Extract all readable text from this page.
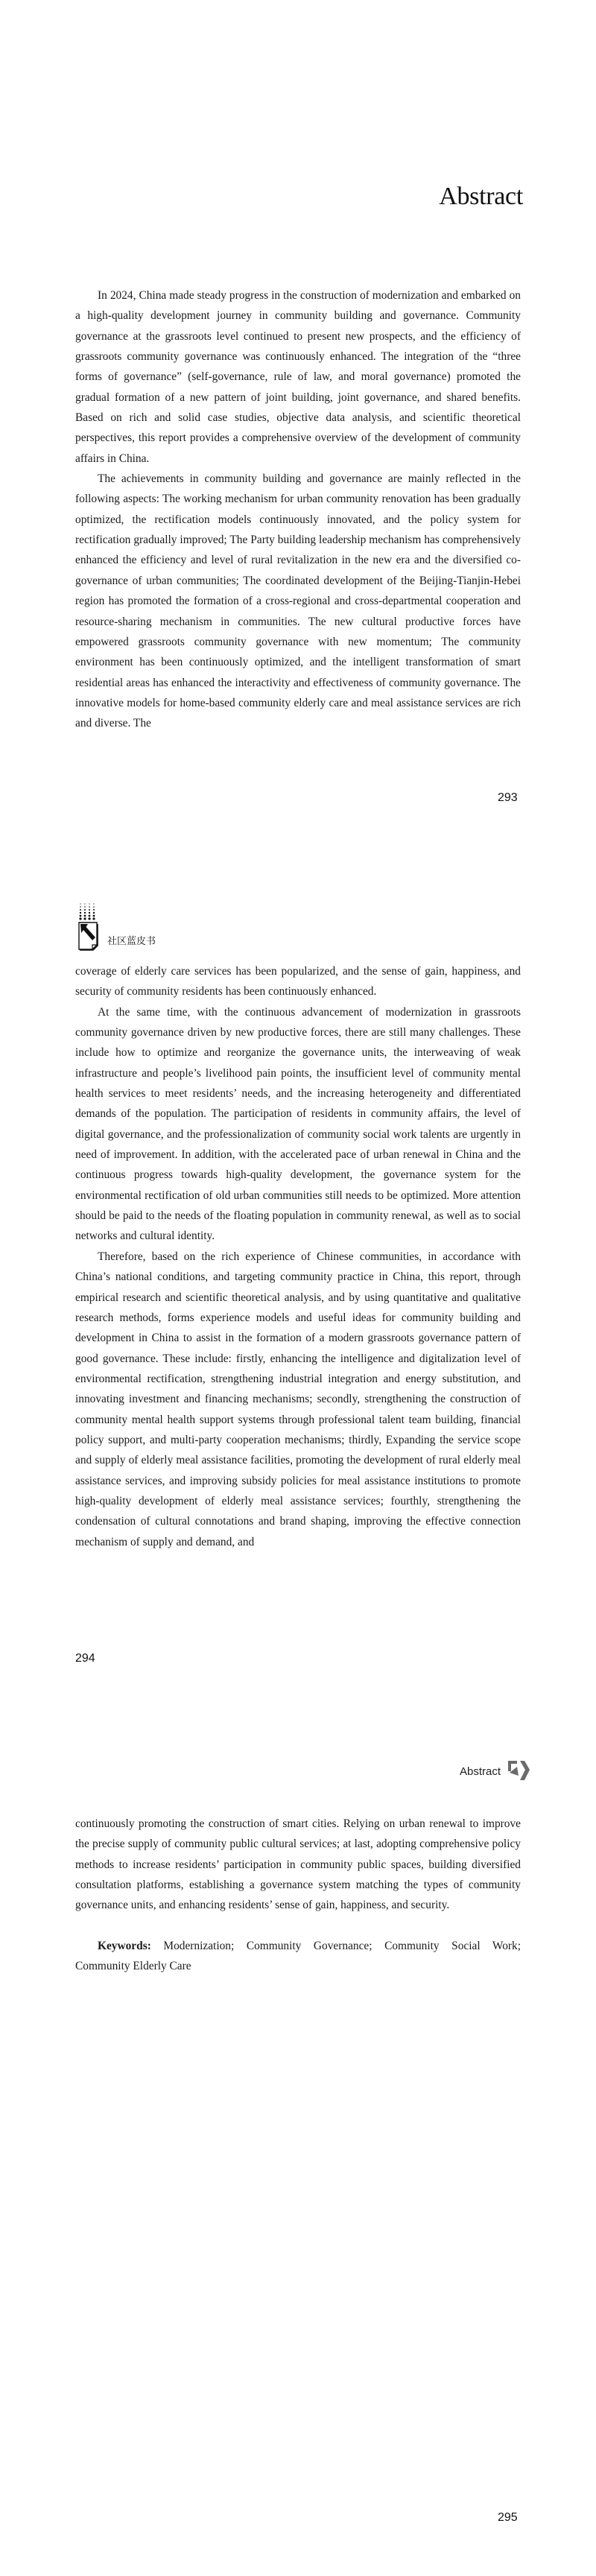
Abstract

In 2024, China made steady progress in the construction of modernization and embarked on a high-quality development journey in community building and governance. Community governance at the grassroots level continued to present new prospects, and the efficiency of grassroots community governance was continuously enhanced. The integration of the “three forms of governance” (self-governance, rule of law, and moral governance) promoted the gradual formation of a new pattern of joint building, joint governance, and shared benefits. Based on rich and solid case studies, objective data analysis, and scientific theoretical perspectives, this report provides a comprehensive overview of the development of community affairs in China.

The achievements in community building and governance are mainly reflected in the following aspects: The working mechanism for urban community renovation has been gradually optimized, the rectification models continuously innovated, and the policy system for rectification gradually improved; The Party building leadership mechanism has comprehensively enhanced the efficiency and level of rural revitalization in the new era and the diversified co-governance of urban communities; The coordinated development of the Beijing-Tianjin-Hebei region has promoted the formation of a cross-regional and cross-departmental cooperation and resource-sharing mechanism in communities. The new cultural productive forces have empowered grassroots community governance with new momentum; The community environment has been continuously optimized, and the intelligent transformation of smart residential areas has enhanced the interactivity and effectiveness of community governance. The innovative models for home-based community elderly care and meal assistance services are rich and diverse. The

293
社区蓝皮书

coverage of elderly care services has been popularized, and the sense of gain, happiness, and security of community residents has been continuously enhanced.

At the same time, with the continuous advancement of modernization in grassroots community governance driven by new productive forces, there are still many challenges. These include how to optimize and reorganize the governance units, the interweaving of weak infrastructure and people’s livelihood pain points, the insufficient level of community mental health services to meet residents’ needs, and the increasing heterogeneity and differentiated demands of the population. The participation of residents in community affairs, the level of digital governance, and the professionalization of community social work talents are urgently in need of improvement. In addition, with the accelerated pace of urban renewal in China and the continuous progress towards high-quality development, the governance system for the environmental rectification of old urban communities still needs to be optimized. More attention should be paid to the needs of the floating population in community renewal, as well as to social networks and cultural identity.

Therefore, based on the rich experience of Chinese communities, in accordance with China’s national conditions, and targeting community practice in China, this report, through empirical research and scientific theoretical analysis, and by using quantitative and qualitative research methods, forms experience models and useful ideas for community building and development in China to assist in the formation of a modern grassroots governance pattern of good governance. These include: firstly, enhancing the intelligence and digitalization level of environmental rectification, strengthening industrial integration and energy substitution, and innovating investment and financing mechanisms; secondly, strengthening the construction of community mental health support systems through professional talent team building, financial policy support, and multi-party cooperation mechanisms; thirdly, Expanding the service scope and supply of elderly meal assistance facilities, promoting the development of rural elderly meal assistance services, and improving subsidy policies for meal assistance institutions to promote high-quality development of elderly meal assistance services; fourthly, strengthening the condensation of cultural connotations and brand shaping, improving the effective connection mechanism of supply and demand, and

294
Abstract

continuously promoting the construction of smart cities. Relying on urban renewal to improve the precise supply of community public cultural services; at last, adopting comprehensive policy methods to increase residents’ participation in community public spaces, building diversified consultation platforms, establishing a governance system matching the types of community governance units, and enhancing residents’ sense of gain, happiness, and security.

Keywords: Modernization; Community Governance; Community Social Work; Community Elderly Care

295
